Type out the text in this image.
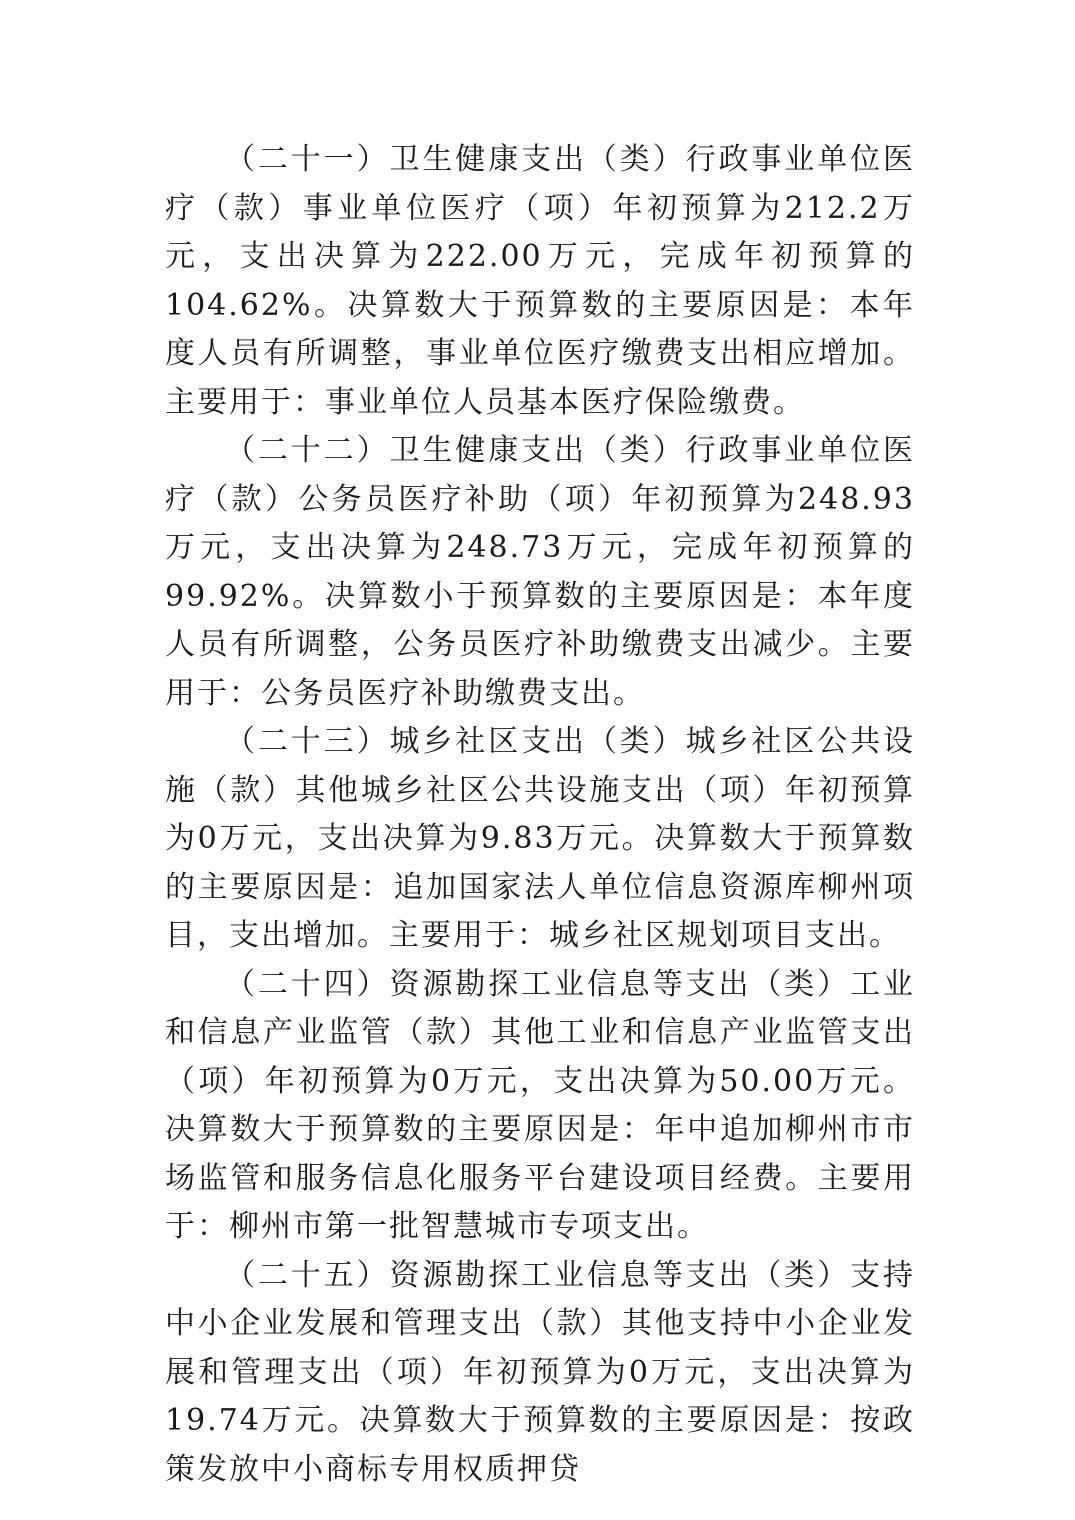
（二十一）卫生健康支出（类）行政事业单位医疗（款）事业单位医疗（项）年初预算为212.2万元，支出决算为222.00万元，完成年初预算的104.62%。决算数大于预算数的主要原因是：本年度人员有所调整，事业单位医疗缴费支出相应增加。主要用于：事业单位人员基本医疗保险缴费。

（二十二）卫生健康支出（类）行政事业单位医疗（款）公务员医疗补助（项）年初预算为248.93万元，支出决算为248.73万元，完成年初预算的99.92%。决算数小于预算数的主要原因是：本年度人员有所调整，公务员医疗补助缴费支出减少。主要用于：公务员医疗补助缴费支出。

（二十三）城乡社区支出（类）城乡社区公共设施（款）其他城乡社区公共设施支出（项）年初预算为0万元，支出决算为9.83万元。决算数大于预算数的主要原因是：追加国家法人单位信息资源库柳州项目，支出增加。主要用于：城乡社区规划项目支出。

（二十四）资源勘探工业信息等支出（类）工业和信息产业监管（款）其他工业和信息产业监管支出（项）年初预算为0万元，支出决算为50.00万元。决算数大于预算数的主要原因是：年中追加柳州市市场监管和服务信息化服务平台建设项目经费。主要用于：柳州市第一批智慧城市专项支出。

（二十五）资源勘探工业信息等支出（类）支持中小企业发展和管理支出（款）其他支持中小企业发展和管理支出（项）年初预算为0万元，支出决算为19.74万元。决算数大于预算数的主要原因是：按政策发放中小商标专用权质押贷
